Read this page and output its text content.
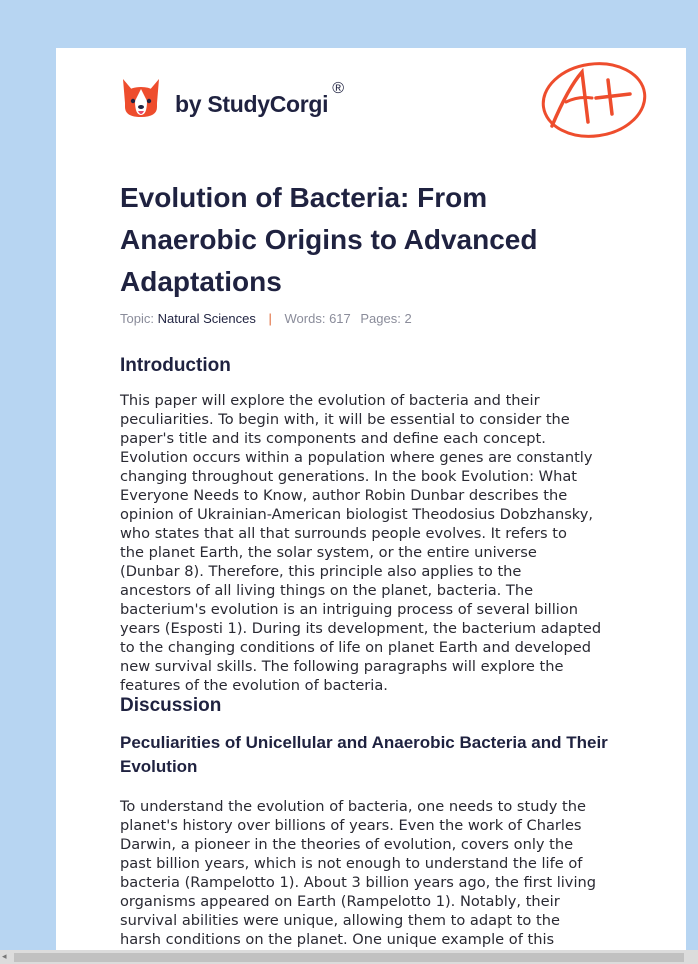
by StudyCorgi
®
Evolution of Bacteria: From Anaerobic Origins to Advanced Adaptations
Topic: Natural Sciences | Words: 617 Pages: 2
Introduction

This paper will explore the evolution of bacteria and their
peculiarities. To begin with, it will be essential to consider the
paper's title and its components and define each concept.
Evolution occurs within a population where genes are constantly
changing throughout generations. In the book Evolution: What
Everyone Needs to Know, author Robin Dunbar describes the
opinion of Ukrainian-American biologist Theodosius Dobzhansky,
who states that all that surrounds people evolves. It refers to
the planet Earth, the solar system, or the entire universe
(Dunbar 8). Therefore, this principle also applies to the
ancestors of all living things on the planet, bacteria. The
bacterium's evolution is an intriguing process of several billion
years (Esposti 1). During its development, the bacterium adapted
to the changing conditions of life on planet Earth and developed
new survival skills. The following paragraphs will explore the
features of the evolution of bacteria.

Discussion
Peculiarities of Unicellular and Anaerobic Bacteria and Their Evolution

To understand the evolution of bacteria, one needs to study the
planet's history over billions of years. Even the work of Charles
Darwin, a pioneer in the theories of evolution, covers only the
past billion years, which is not enough to understand the life of
bacteria (Rampelotto 1). About 3 billion years ago, the first living
organisms appeared on Earth (Rampelotto 1). Notably, their
survival abilities were unique, allowing them to adapt to the
harsh conditions on the planet. One unique example of this

◂
